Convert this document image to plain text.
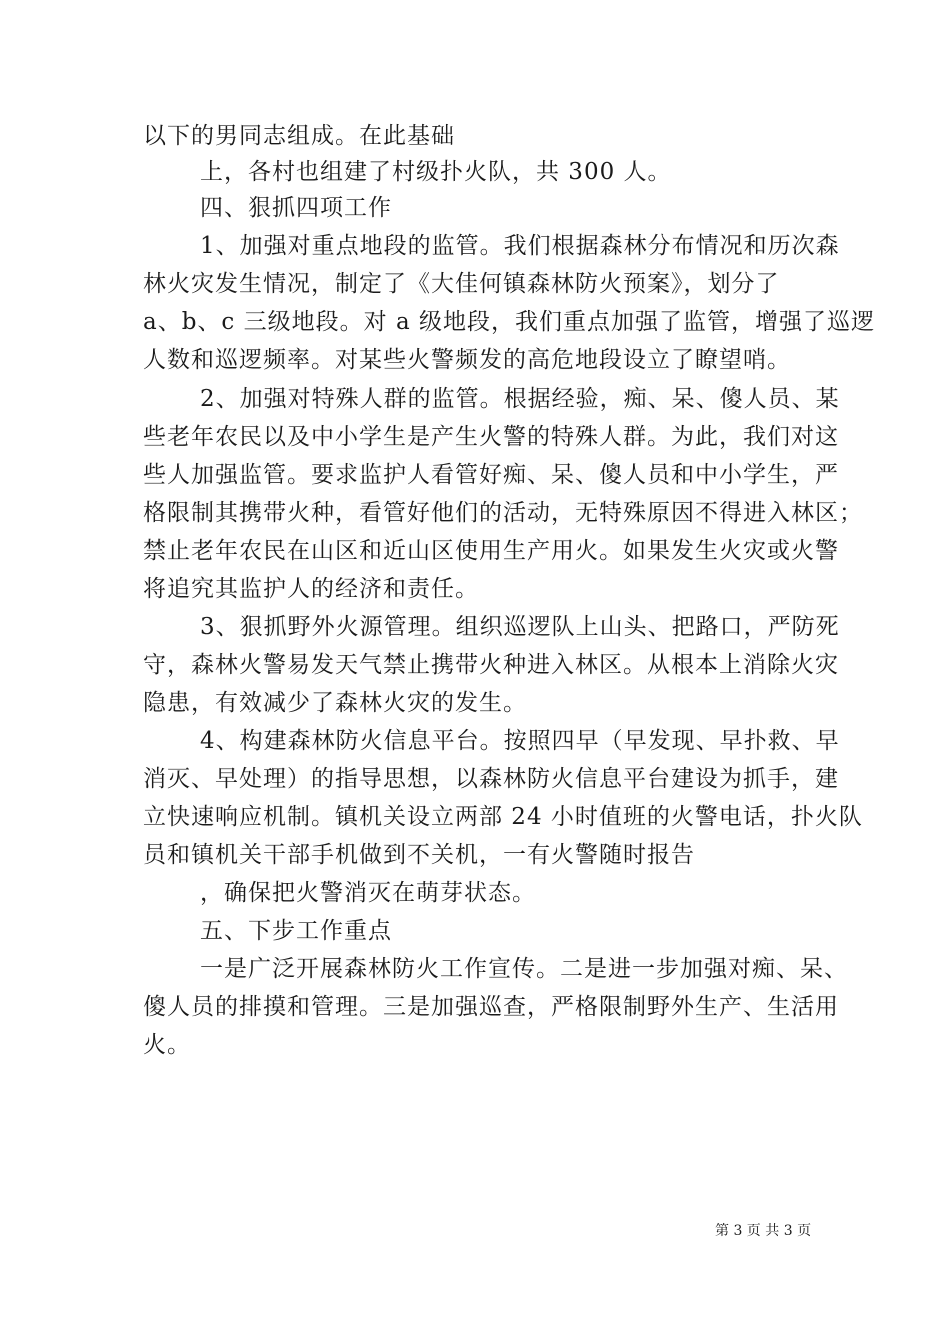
以下的男同志组成。在此基础
上，各村也组建了村级扑火队，共 300 人。
四、狠抓四项工作
1、加强对重点地段的监管。我们根据森林分布情况和历次森
林火灾发生情况，制定了《大佳何镇森林防火预案》，划分了
a、b、c 三级地段。对 a 级地段，我们重点加强了监管，增强了巡逻
人数和巡逻频率。对某些火警频发的高危地段设立了瞭望哨。
2、加强对特殊人群的监管。根据经验，痴、呆、傻人员、某
些老年农民以及中小学生是产生火警的特殊人群。为此，我们对这
些人加强监管。要求监护人看管好痴、呆、傻人员和中小学生，严
格限制其携带火种，看管好他们的活动，无特殊原因不得进入林区；
禁止老年农民在山区和近山区使用生产用火。如果发生火灾或火警
将追究其监护人的经济和责任。
3、狠抓野外火源管理。组织巡逻队上山头、把路口，严防死
守，森林火警易发天气禁止携带火种进入林区。从根本上消除火灾
隐患，有效减少了森林火灾的发生。
4、构建森林防火信息平台。按照四早（早发现、早扑救、早
消灭、早处理）的指导思想，以森林防火信息平台建设为抓手，建
立快速响应机制。镇机关设立两部 24 小时值班的火警电话，扑火队
员和镇机关干部手机做到不关机，一有火警随时报告
，确保把火警消灭在萌芽状态。
五、下步工作重点
一是广泛开展森林防火工作宣传。二是进一步加强对痴、呆、
傻人员的排摸和管理。三是加强巡查，严格限制野外生产、生活用
火。
第 3 页 共 3 页
